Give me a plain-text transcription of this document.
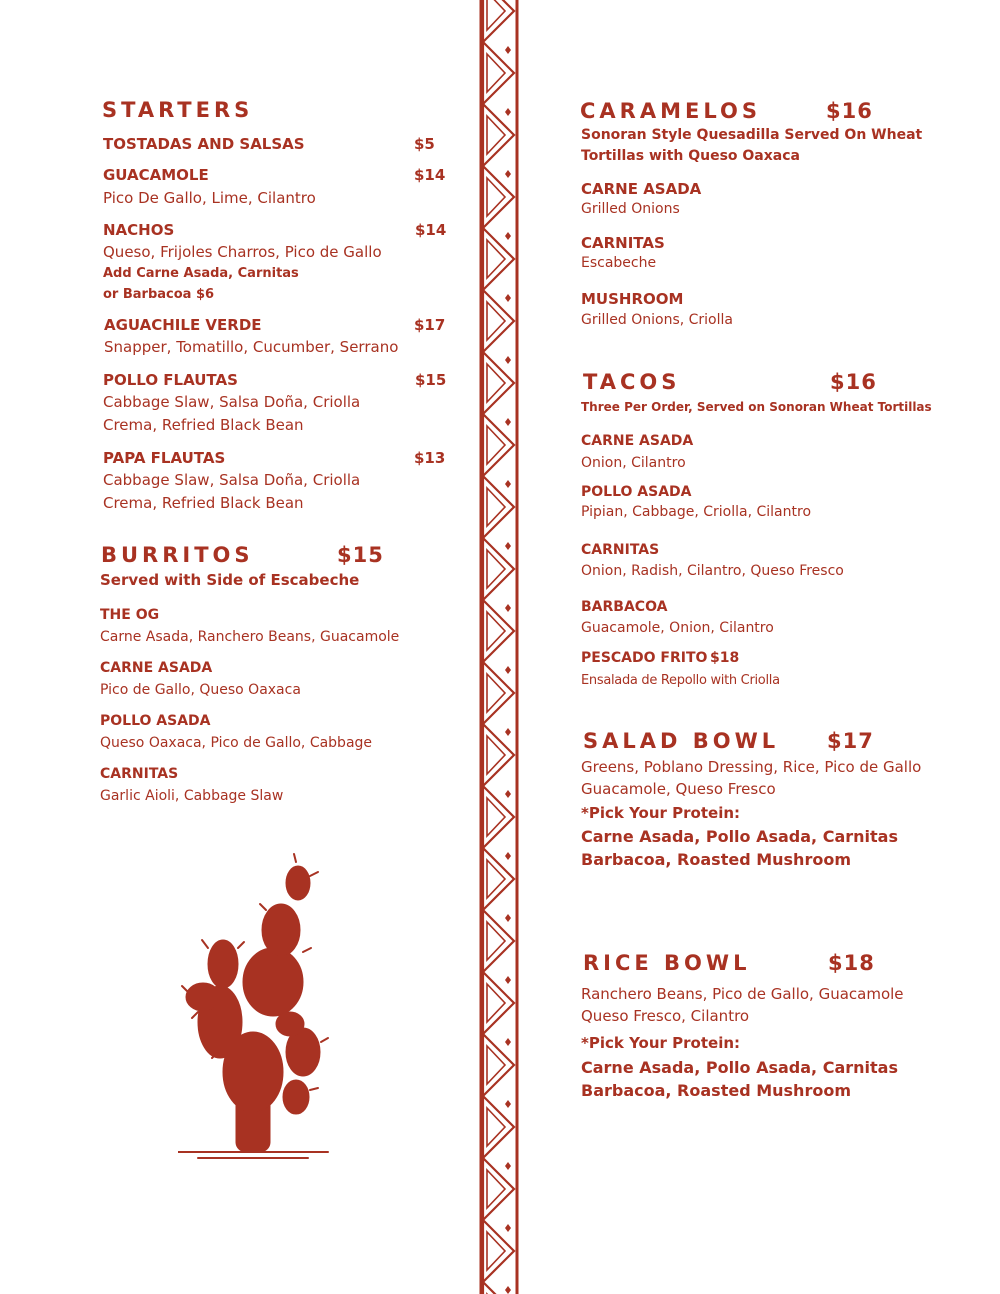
STARTERS
TOSTADAS AND SALSAS	$5
GUACAMOLE	$14
Pico De Gallo, Lime, Cilantro
NACHOS	$14
Queso, Frijoles Charros, Pico de Gallo
Add Carne Asada, Carnitas
or Barbacoa $6
AGUACHILE VERDE	$17
Snapper, Tomatillo, Cucumber, Serrano
POLLO FLAUTAS	$15
Cabbage Slaw, Salsa Doña, Criolla
Crema, Refried Black Bean
PAPA FLAUTAS	$13
Cabbage Slaw, Salsa Doña, Criolla
Crema, Refried Black Bean
BURRITOS	$15
Served with Side of Escabeche
THE OG
Carne Asada, Ranchero Beans, Guacamole
CARNE ASADA
Pico de Gallo, Queso Oaxaca
POLLO ASADA
Queso Oaxaca, Pico de Gallo, Cabbage
CARNITAS
Garlic Aioli, Cabbage Slaw
CARAMELOS	$16
Sonoran Style Quesadilla Served On Wheat
Tortillas with Queso Oaxaca
CARNE ASADA
Grilled Onions
CARNITAS
Escabeche
MUSHROOM
Grilled Onions, Criolla
TACOS	$16
Three Per Order, Served on Sonoran Wheat Tortillas
CARNE ASADA
Onion, Cilantro
POLLO ASADA
Pipian, Cabbage, Criolla, Cilantro
CARNITAS
Onion, Radish, Cilantro, Queso Fresco
BARBACOA
Guacamole, Onion, Cilantro
PESCADO FRITO $18
Ensalada de Repollo with Criolla
SALAD BOWL $17
Greens, Poblano Dressing, Rice, Pico de Gallo
Guacamole, Queso Fresco
*Pick Your Protein:
Carne Asada, Pollo Asada, Carnitas
Barbacoa, Roasted Mushroom
RICE BOWL	$18
Ranchero Beans, Pico de Gallo, Guacamole
Queso Fresco, Cilantro
*Pick Your Protein:
Carne Asada, Pollo Asada, Carnitas
Barbacoa, Roasted Mushroom
